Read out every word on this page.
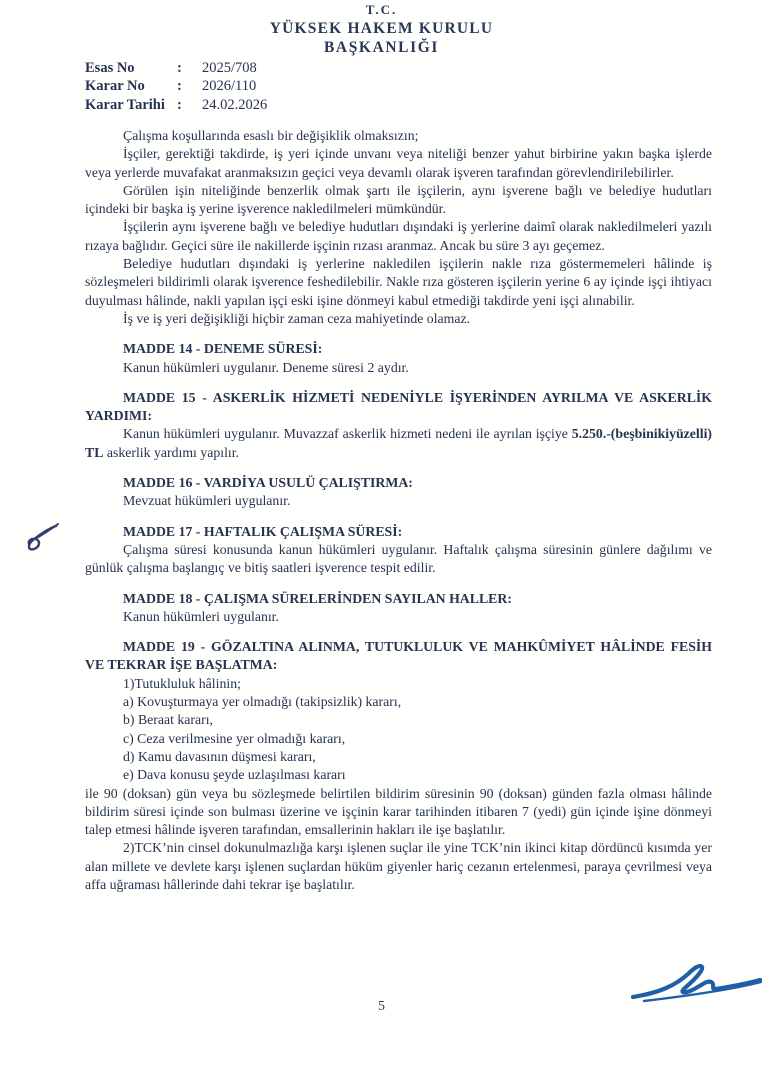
T.C.
YÜKSEK HAKEM KURULU
BAŞKANLIĞI
Esas No	:	2025/708
Karar No	:	2026/110
Karar Tarihi :	24.02.2026
Çalışma koşullarında esaslı bir değişiklik olmaksızın;
İşçiler, gerektiği takdirde, iş yeri içinde unvanı veya niteliği benzer yahut birbirine yakın başka işlerde veya yerlerde muvafakat aranmaksızın geçici veya devamlı olarak işveren tarafından görevlendirilebilirler.
Görülen işin niteliğinde benzerlik olmak şartı ile işçilerin, aynı işverene bağlı ve belediye hudutları içindeki bir başka iş yerine işverence nakledilmeleri mümkündür.
İşçilerin aynı işverene bağlı ve belediye hudutları dışındaki iş yerlerine daimî olarak nakledilmeleri yazılı rızaya bağlıdır. Geçici süre ile nakillerde işçinin rızası aranmaz. Ancak bu süre 3 ayı geçemez.
Belediye hudutları dışındaki iş yerlerine nakledilen işçilerin nakle rıza göstermemeleri hâlinde iş sözleşmeleri bildirimli olarak işverence feshedilebilir. Nakle rıza gösteren işçilerin yerine 6 ay içinde işçi ihtiyacı duyulması hâlinde, nakli yapılan işçi eski işine dönmeyi kabul etmediği takdirde yeni işçi alınabilir.
İş ve iş yeri değişikliği hiçbir zaman ceza mahiyetinde olamaz.
MADDE 14 - DENEME SÜRESİ:
Kanun hükümleri uygulanır. Deneme süresi 2 aydır.
MADDE 15 - ASKERLİK HİZMETİ NEDENİYLE İŞYERİNDEN AYRILMA VE ASKERLİK YARDIMI:
Kanun hükümleri uygulanır. Muvazzaf askerlik hizmeti nedeni ile ayrılan işçiye 5.250.-(beşbinikiyüzelli) TL askerlik yardımı yapılır.
MADDE 16 - VARDİYA USULÜ ÇALIŞTIRMA:
Mevzuat hükümleri uygulanır.
MADDE 17 - HAFTALIK ÇALIŞMA SÜRESİ:
Çalışma süresi konusunda kanun hükümleri uygulanır. Haftalık çalışma süresinin günlere dağılımı ve günlük çalışma başlangıç ve bitiş saatleri işverence tespit edilir.
MADDE 18 - ÇALIŞMA SÜRELERİNDEN SAYILAN HALLER:
Kanun hükümleri uygulanır.
MADDE 19 - GÖZALTINA ALINMA, TUTUKLULUK VE MAHKÛMİYET HÂLİNDE FESİH VE TEKRAR İŞE BAŞLATMA:
1)Tutukluluk hâlinin;
a) Kovuşturmaya yer olmadığı (takipsizlik) kararı,
b) Beraat kararı,
c) Ceza verilmesine yer olmadığı kararı,
d) Kamu davasının düşmesi kararı,
e) Dava konusu şeyde uzlaşılması kararı
ile 90 (doksan) gün veya bu sözleşmede belirtilen bildirim süresinin 90 (doksan) günden fazla olması hâlinde bildirim süresi içinde son bulması üzerine ve işçinin karar tarihinden itibaren 7 (yedi) gün içinde işine dönmeyi talep etmesi hâlinde işveren tarafından, emsallerinin hakları ile işe başlatılır.
2)TCK’nin cinsel dokunulmazlığa karşı işlenen suçlar ile yine TCK’nin ikinci kitap dördüncü kısımda yer alan millete ve devlete karşı işlenen suçlardan hüküm giyenler hariç cezanın ertelenmesi, paraya çevrilmesi veya affa uğraması hâllerinde dahi tekrar işe başlatılır.
5
